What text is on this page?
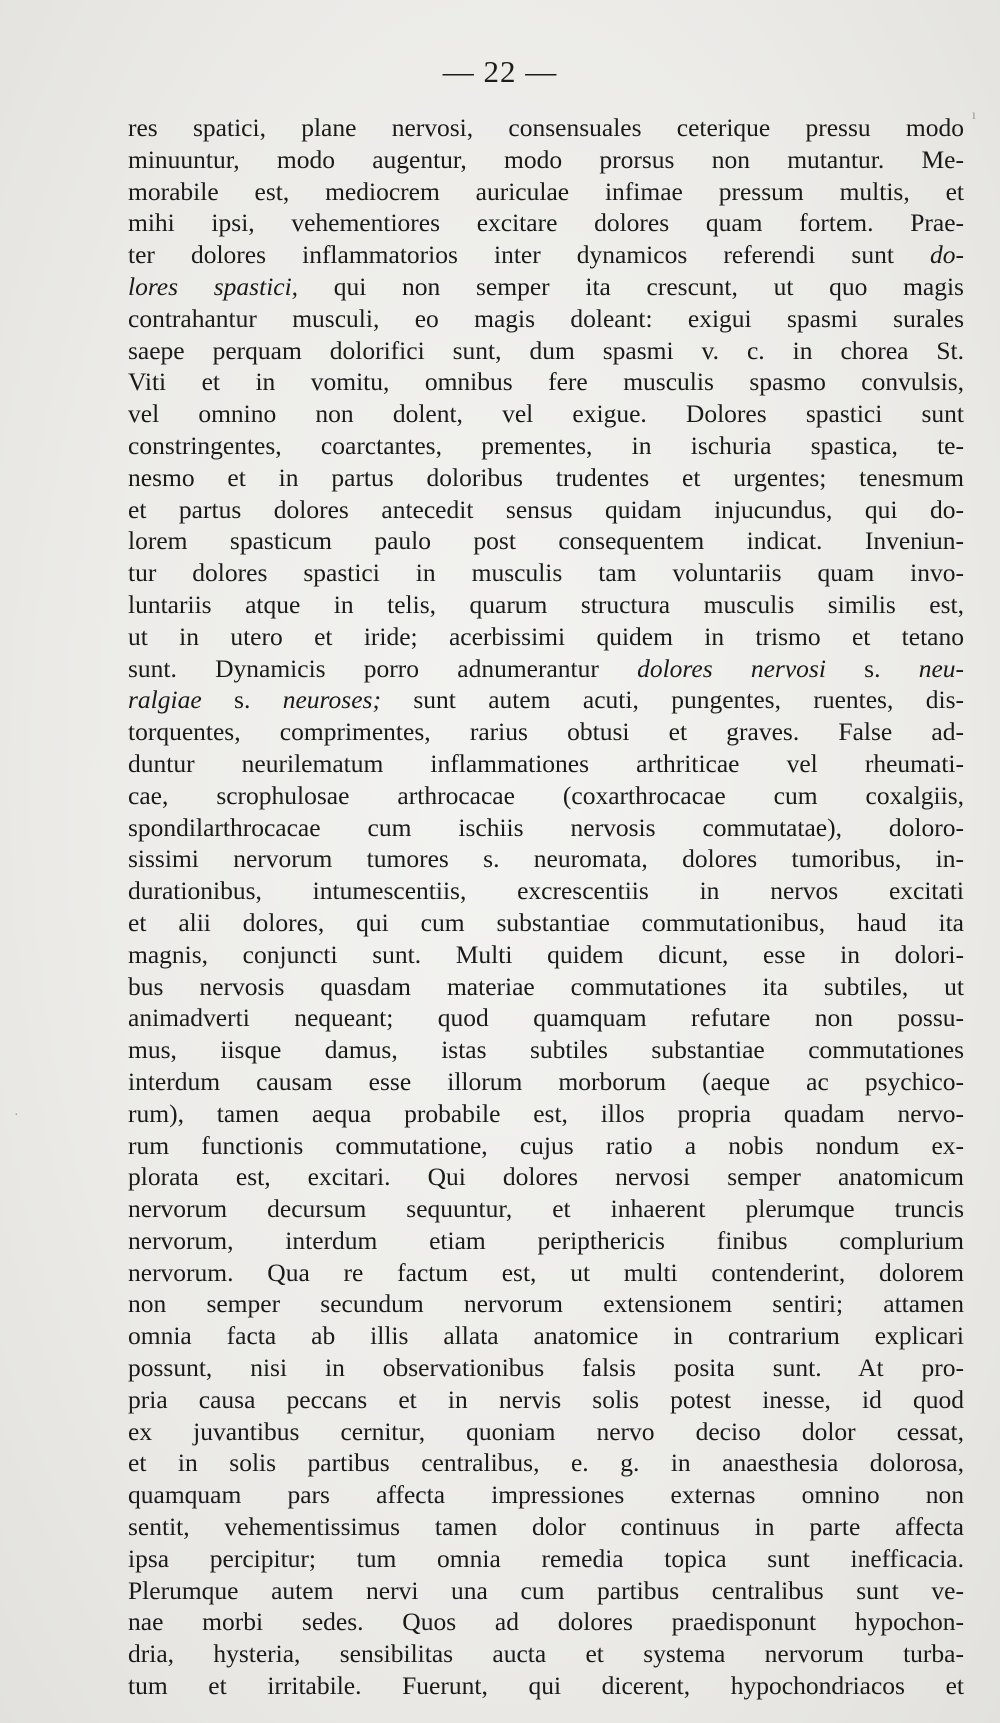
— 22 —
res spatici, plane nervosi, consensuales ceterique pressu modo
minuuntur, modo augentur, modo prorsus non mutantur. Me-
morabile est, mediocrem auriculae infimae pressum multis, et
mihi ipsi, vehementiores excitare dolores quam fortem. Prae-
ter dolores inflammatorios inter dynamicos referendi sunt do-
lores spastici, qui non semper ita crescunt, ut quo magis
contrahantur musculi, eo magis doleant: exigui spasmi surales
saepe perquam dolorifici sunt, dum spasmi v. c. in chorea St.
Viti et in vomitu, omnibus fere musculis spasmo convulsis,
vel omnino non dolent, vel exigue. Dolores spastici sunt
constringentes, coarctantes, prementes, in ischuria spastica, te-
nesmo et in partus doloribus trudentes et urgentes; tenesmum
et partus dolores antecedit sensus quidam injucundus, qui do-
lorem spasticum paulo post consequentem indicat. Inveniun-
tur dolores spastici in musculis tam voluntariis quam invo-
luntariis atque in telis, quarum structura musculis similis est,
ut in utero et iride; acerbissimi quidem in trismo et tetano
sunt. Dynamicis porro adnumerantur dolores nervosi s. neu-
ralgiae s. neuroses; sunt autem acuti, pungentes, ruentes, dis-
torquentes, comprimentes, rarius obtusi et graves. False ad-
duntur neurilematum inflammationes arthriticae vel rheumati-
cae, scrophulosae arthrocacae (coxarthrocacae cum coxalgiis,
spondilarthrocacae cum ischiis nervosis commutatae), doloro-
sissimi nervorum tumores s. neuromata, dolores tumoribus, in-
durationibus, intumescentiis, excrescentiis in nervos excitati
et alii dolores, qui cum substantiae commutationibus, haud ita
magnis, conjuncti sunt. Multi quidem dicunt, esse in dolori-
bus nervosis quasdam materiae commutationes ita subtiles, ut
animadverti nequeant; quod quamquam refutare non possu-
mus, iisque damus, istas subtiles substantiae commutationes
interdum causam esse illorum morborum (aeque ac psychico-
rum), tamen aequa probabile est, illos propria quadam nervo-
rum functionis commutatione, cujus ratio a nobis nondum ex-
plorata est, excitari. Qui dolores nervosi semper anatomicum
nervorum decursum sequuntur, et inhaerent plerumque truncis
nervorum, interdum etiam peripthericis finibus complurium
nervorum. Qua re factum est, ut multi contenderint, dolorem
non semper secundum nervorum extensionem sentiri; attamen
omnia facta ab illis allata anatomice in contrarium explicari
possunt, nisi in observationibus falsis posita sunt. At pro-
pria causa peccans et in nervis solis potest inesse, id quod
ex juvantibus cernitur, quoniam nervo deciso dolor cessat,
et in solis partibus centralibus, e. g. in anaesthesia dolorosa,
quamquam pars affecta impressiones externas omnino non
sentit, vehementissimus tamen dolor continuus in parte affecta
ipsa percipitur; tum omnia remedia topica sunt inefficacia.
Plerumque autem nervi una cum partibus centralibus sunt ve-
nae morbi sedes. Quos ad dolores praedisponunt hypochon-
dria, hysteria, sensibilitas aucta et systema nervorum turba-
tum et irritabile. Fuerunt, qui dicerent, hypochondriacos et
ı
·
